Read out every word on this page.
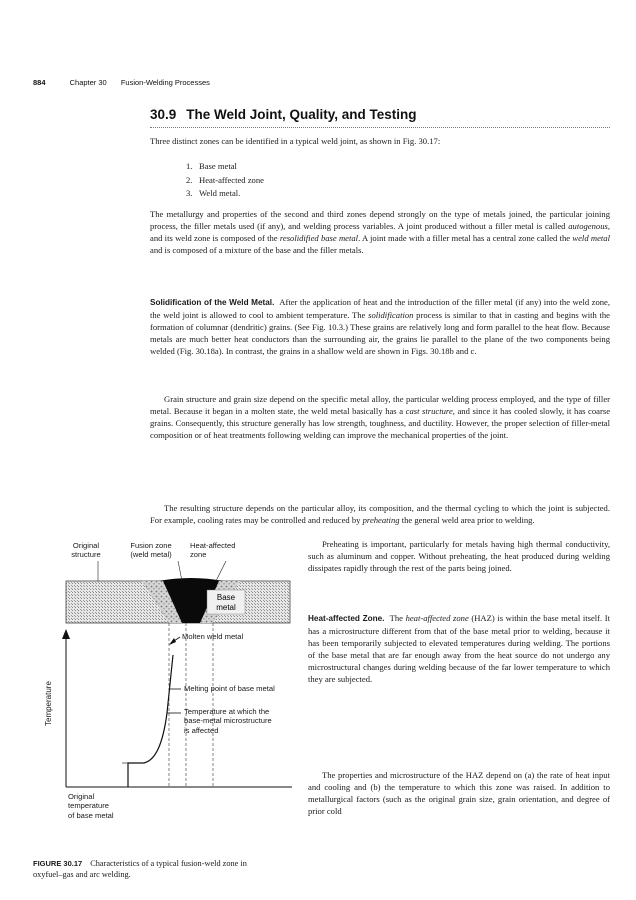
884	Chapter 30 Fusion-Welding Processes
30.9 The Weld Joint, Quality, and Testing

Three distinct zones can be identified in a typical weld joint, as shown in Fig. 30.17:

1. Base metal
2. Heat-affected zone
3. Weld metal.

The metallurgy and properties of the second and third zones depend strongly on the type of metals joined, the particular joining process, the filler metals used (if any), and welding process variables. A joint produced without a filler metal is called autogenous, and its weld zone is composed of the resolidified base metal. A joint made with a filler metal has a central zone called the weld metal and is composed of a mixture of the base and the filler metals.

Solidification of the Weld Metal. After the application of heat and the introduction of the filler metal (if any) into the weld zone, the weld joint is allowed to cool to ambient temperature. The solidification process is similar to that in casting and begins with the formation of columnar (dendritic) grains. (See Fig. 10.3.) These grains are relatively long and form parallel to the heat flow. Because metals are much better heat conductors than the surrounding air, the grains lie parallel to the plane of the two components being welded (Fig. 30.18a). In contrast, the grains in a shallow weld are shown in Figs. 30.18b and c.

Grain structure and grain size depend on the specific metal alloy, the particular welding process employed, and the type of filler metal. Because it began in a molten state, the weld metal basically has a cast structure, and since it has cooled slowly, it has coarse grains. Consequently, this structure generally has low strength, toughness, and ductility. However, the proper selection of filler-metal composition or of heat treatments following welding can improve the mechanical properties of the joint.

The resulting structure depends on the particular alloy, its composition, and the thermal cycling to which the joint is subjected. For example, cooling rates may be controlled and reduced by preheating the general weld area prior to welding.

Preheating is important, particularly for metals having high thermal conductivity, such as aluminum and copper. Without preheating, the heat produced during welding dissipates rapidly through the rest of the parts being joined.

Heat-affected Zone. The heat-affected zone (HAZ) is within the base metal itself. It has a microstructure different from that of the base metal prior to welding, because it has been temporarily subjected to elevated temperatures during welding. The portions of the base metal that are far enough away from the heat source do not undergo any microstructural changes during welding because of the far lower temperature to which they are subjected.

The properties and microstructure of the HAZ depend on (a) the rate of heat input and cooling and (b) the temperature to which this zone was raised. In addition to metallurgical factors (such as the original grain size, grain orientation, and degree of prior cold

Base
metal
Original
structure
Fusion zone
(weld metal)
Heat-affected
zone
Molten weld metal
Melting point of base metal
Temperature at which the
base-metal microstructure
is affected
Temperature
Original
temperature
of base metal
FIGURE 30.17 Characteristics of a typical fusion-weld zone in oxyfuel–gas and arc welding.
